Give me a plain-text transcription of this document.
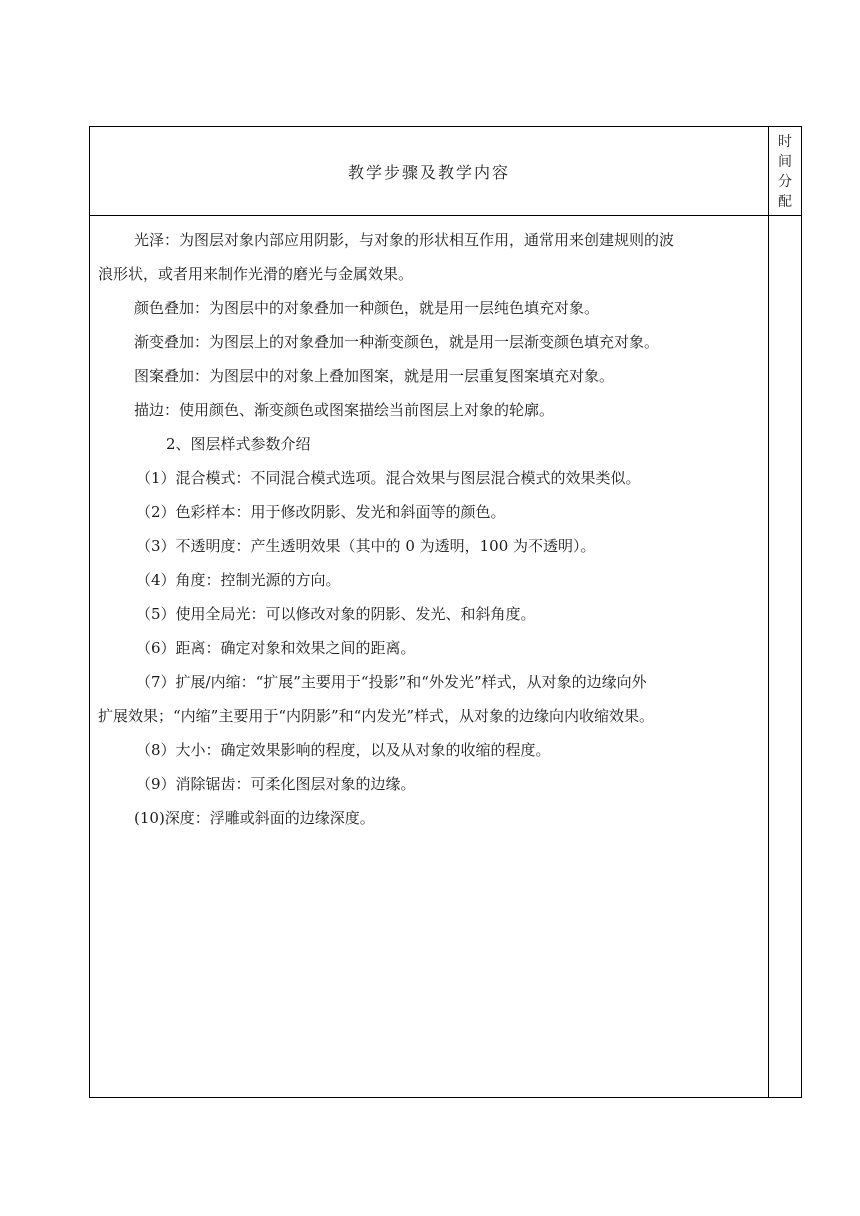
教学步骤及教学内容
时
间
分
配

光泽：为图层对象内部应用阴影，与对象的形状相互作用，通常用来创建规则的波

浪形状，或者用来制作光滑的磨光与金属效果。

颜色叠加：为图层中的对象叠加一种颜色，就是用一层纯色填充对象。

渐变叠加：为图层上的对象叠加一种渐变颜色，就是用一层渐变颜色填充对象。

图案叠加：为图层中的对象上叠加图案，就是用一层重复图案填充对象。

描边：使用颜色、渐变颜色或图案描绘当前图层上对象的轮廓。

2、图层样式参数介绍

（1）混合模式：不同混合模式选项。混合效果与图层混合模式的效果类似。

（2）色彩样本：用于修改阴影、发光和斜面等的颜色。

（3）不透明度：产生透明效果（其中的 0 为透明，100 为不透明）。

（4）角度：控制光源的方向。

（5）使用全局光：可以修改对象的阴影、发光、和斜角度。

（6）距离：确定对象和效果之间的距离。

（7）扩展/内缩：“扩展”主要用于“投影”和“外发光”样式，从对象的边缘向外

扩展效果；“内缩”主要用于“内阴影”和“内发光”样式，从对象的边缘向内收缩效果。

（8）大小：确定效果影响的程度，以及从对象的收缩的程度。

（9）消除锯齿：可柔化图层对象的边缘。

(10)深度：浮雕或斜面的边缘深度。
